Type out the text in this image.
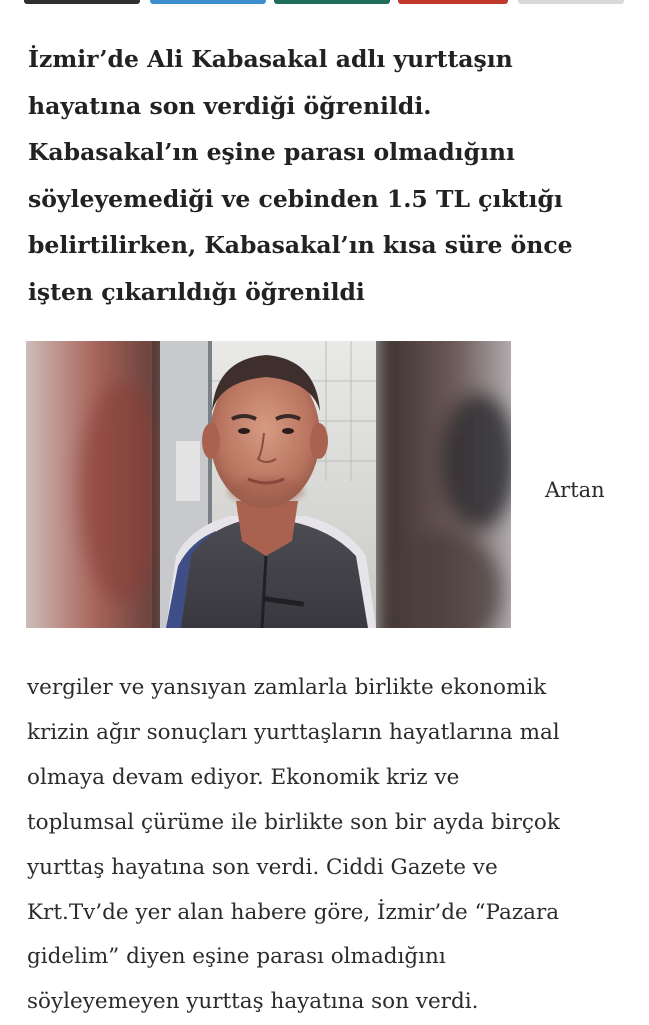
İzmir’de Ali Kabasakal adlı yurttaşın
hayatına son verdiği öğrenildi.
Kabasakal’ın eşine parası olmadığını
söyleyemediği ve cebinden 1.5 TL çıktığı
belirtilirken, Kabasakal’ın kısa süre önce
işten çıkarıldığı öğrenildi
Artan
vergiler ve yansıyan zamlarla birlikte ekonomik
krizin ağır sonuçları yurttaşların hayatlarına mal
olmaya devam ediyor. Ekonomik kriz ve
toplumsal çürüme ile birlikte son bir ayda birçok
yurttaş hayatına son verdi. Ciddi Gazete ve
Krt.Tv’de yer alan habere göre, İzmir’de “Pazara
gidelim” diyen eşine parası olmadığını
söyleyemeyen yurttaş hayatına son verdi.
